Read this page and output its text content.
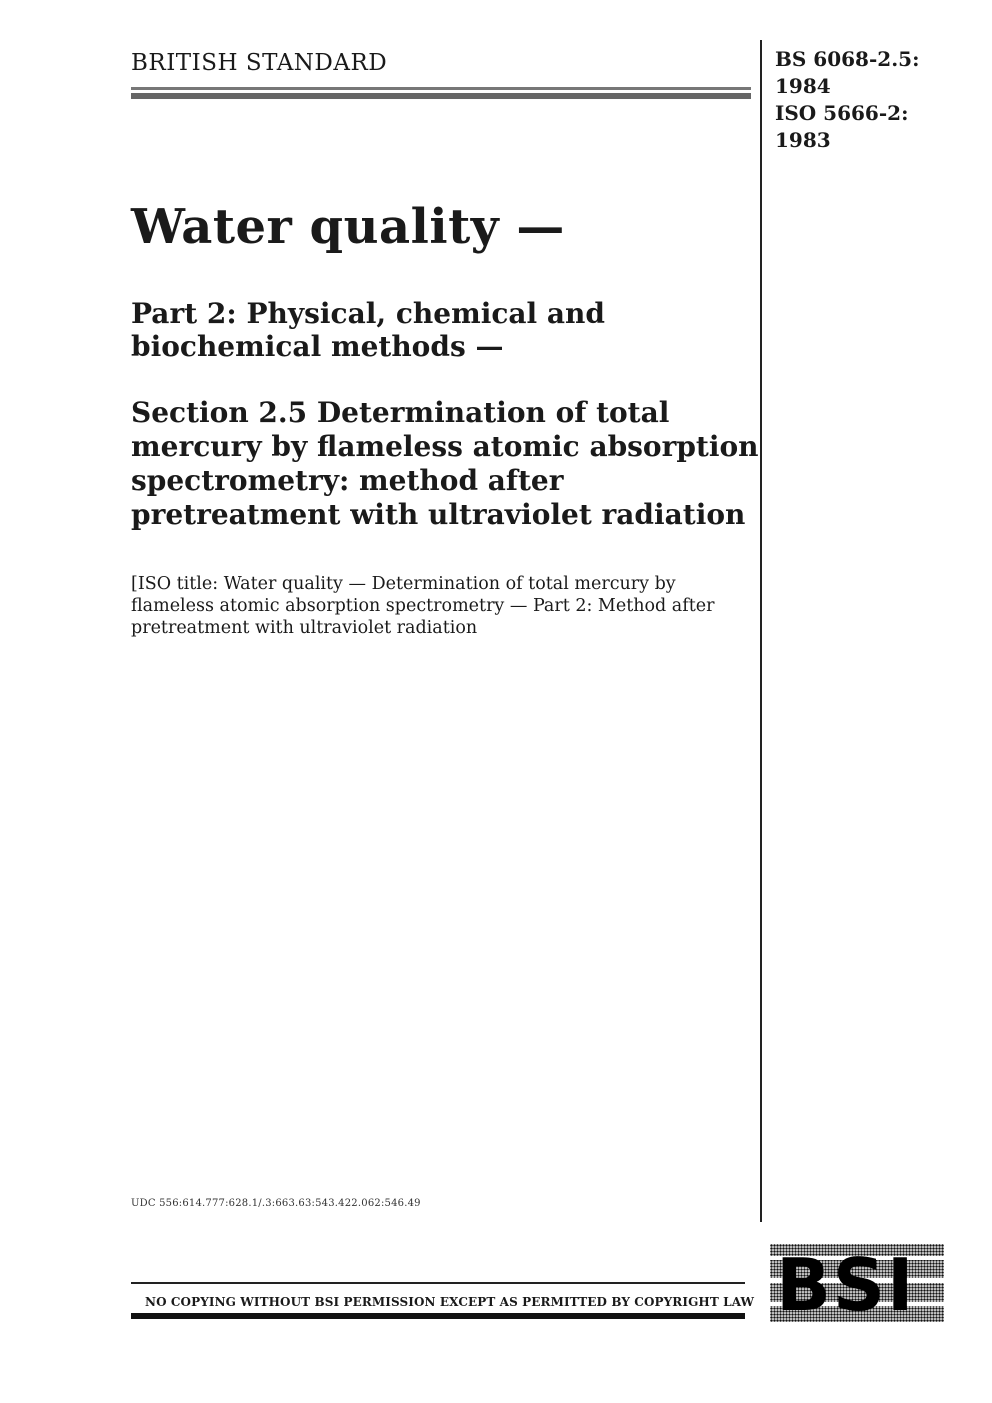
BRITISH STANDARD	BS 6068-2.5:
1984
ISO 5666-2:
1983
Water quality —
Part 2: Physical, chemical and
biochemical methods —
Section 2.5 Determination of total
mercury by flameless atomic absorption
spectrometry: method after
pretreatment with ultraviolet radiation
[ISO title: Water quality — Determination of total mercury by
flameless atomic absorption spectrometry — Part 2: Method after
pretreatment with ultraviolet radiation
UDC 556:614.777:628.1/.3:663.63:543.422.062:546.49
NO COPYING WITHOUT BSI PERMISSION EXCEPT AS PERMITTED BY COPYRIGHT LAW BSI
